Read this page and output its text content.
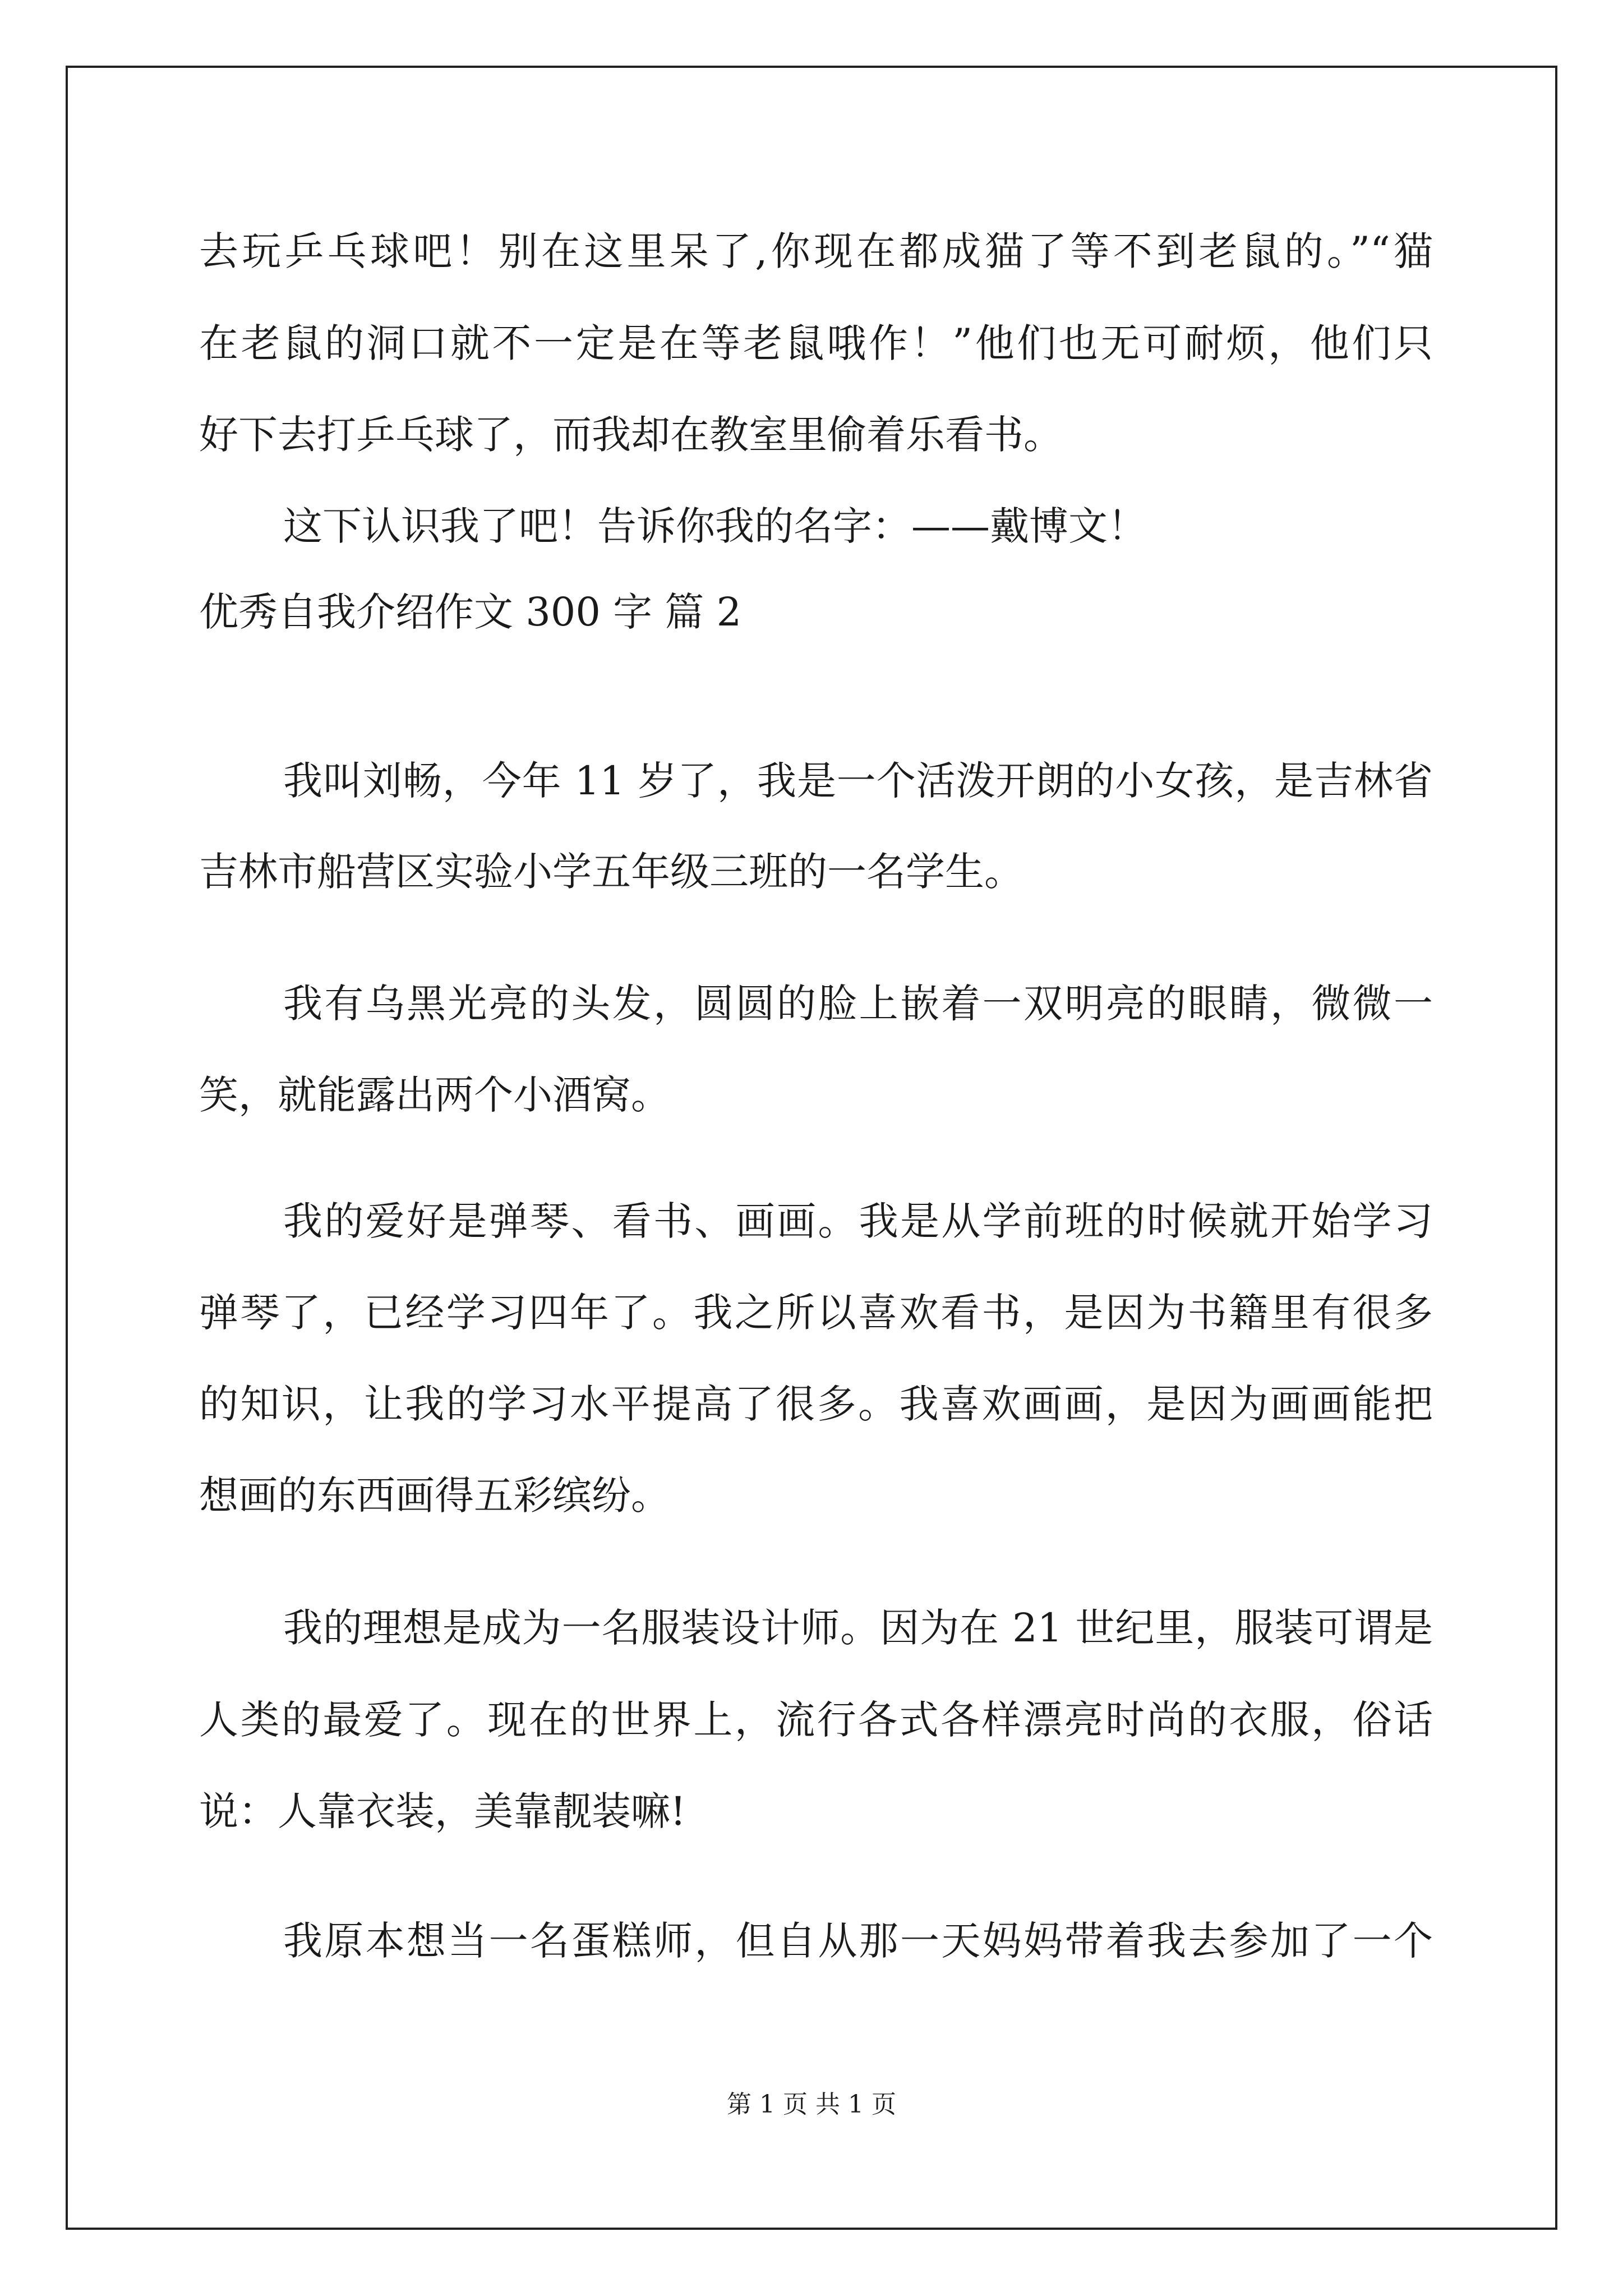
去玩乒乓球吧！别在这里呆了,你现在都成猫了等不到老鼠的。”“猫
在老鼠的洞口就不一定是在等老鼠哦作！”他们也无可耐烦，他们只
好下去打乒乓球了，而我却在教室里偷着乐看书。
这下认识我了吧！告诉你我的名字：——戴博文！
优秀自我介绍作文 300 字 篇 2
我叫刘畅，今年 11 岁了，我是一个活泼开朗的小女孩，是吉林省
吉林市船营区实验小学五年级三班的一名学生。
我有乌黑光亮的头发，圆圆的脸上嵌着一双明亮的眼睛，微微一
笑，就能露出两个小酒窝。
我的爱好是弹琴、看书、画画。我是从学前班的时候就开始学习
弹琴了，已经学习四年了。我之所以喜欢看书，是因为书籍里有很多
的知识，让我的学习水平提高了很多。我喜欢画画，是因为画画能把
想画的东西画得五彩缤纷。
我的理想是成为一名服装设计师。因为在 21 世纪里，服装可谓是
人类的最爱了。现在的世界上，流行各式各样漂亮时尚的衣服，俗话
说：人靠衣装，美靠靓装嘛!
我原本想当一名蛋糕师，但自从那一天妈妈带着我去参加了一个
第 1 页 共 1 页
